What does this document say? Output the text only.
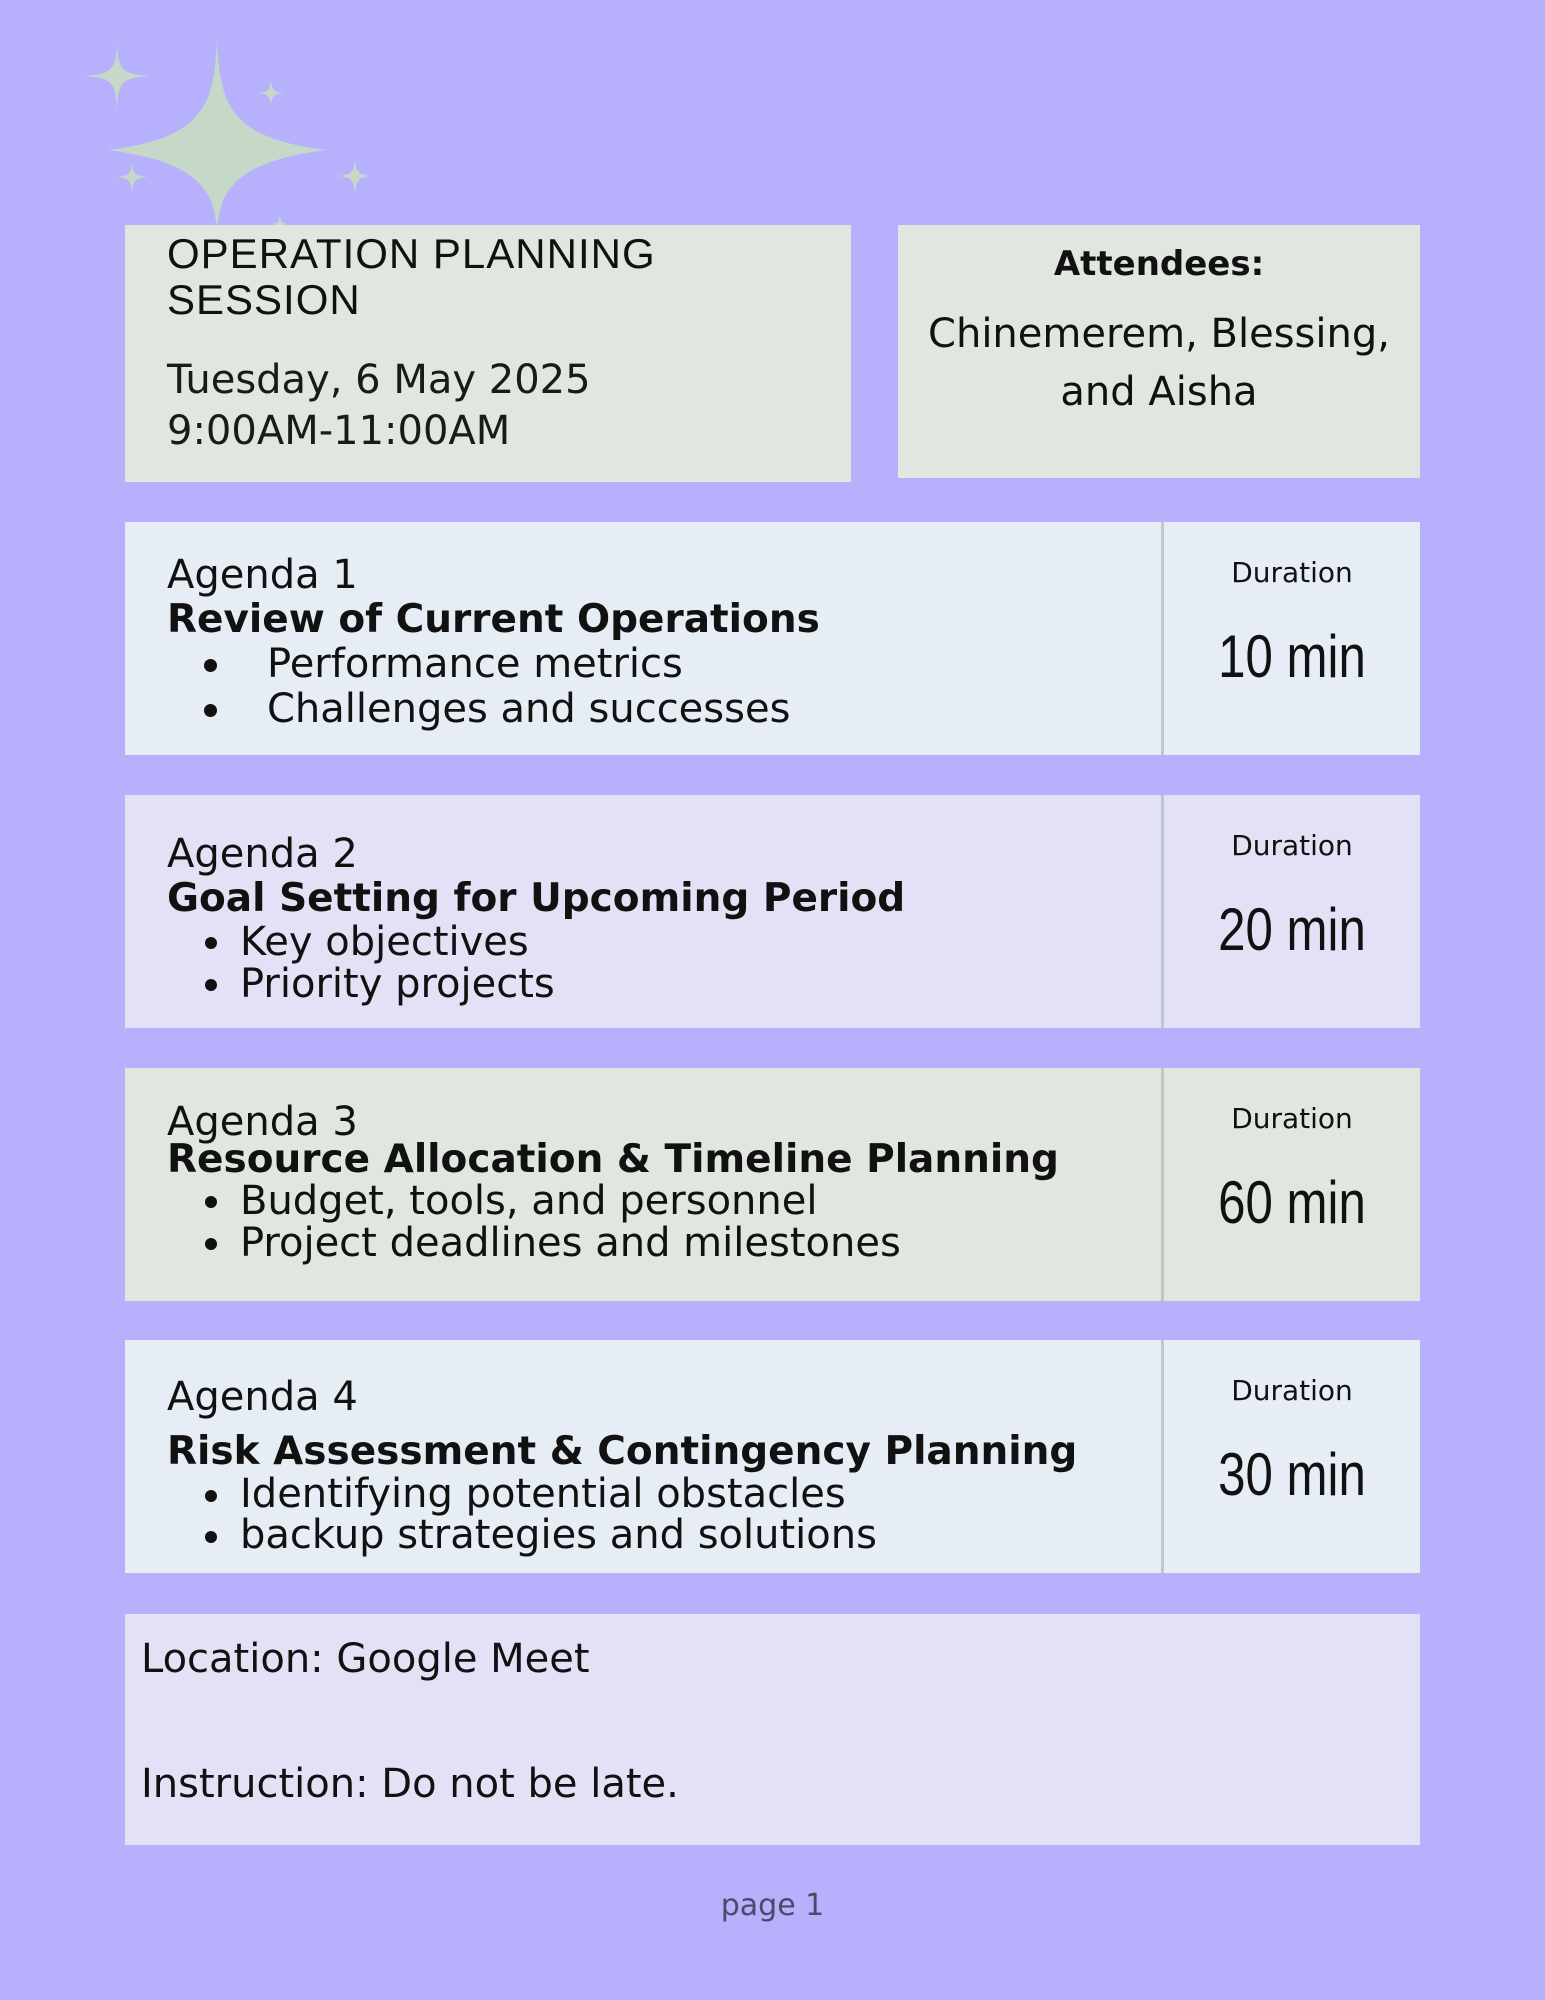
OPERATION PLANNING SESSION
Tuesday, 6 May 2025
9:00AM-11:00AM
Attendees:
Chinemerem, Blessing, and Aisha
Agenda 1
Review of Current Operations
Performance metrics
Challenges and successes
Duration
10 min
Agenda 2
Goal Setting for Upcoming Period
Key objectives
Priority projects
Duration
20 min
Agenda 3
Resource Allocation & Timeline Planning
Budget, tools, and personnel
Project deadlines and milestones
Duration
60 min
Agenda 4
Risk Assessment & Contingency Planning
Identifying potential obstacles
backup strategies and solutions
Duration
30 min
Location: Google Meet
Instruction: Do not be late.
page 1
